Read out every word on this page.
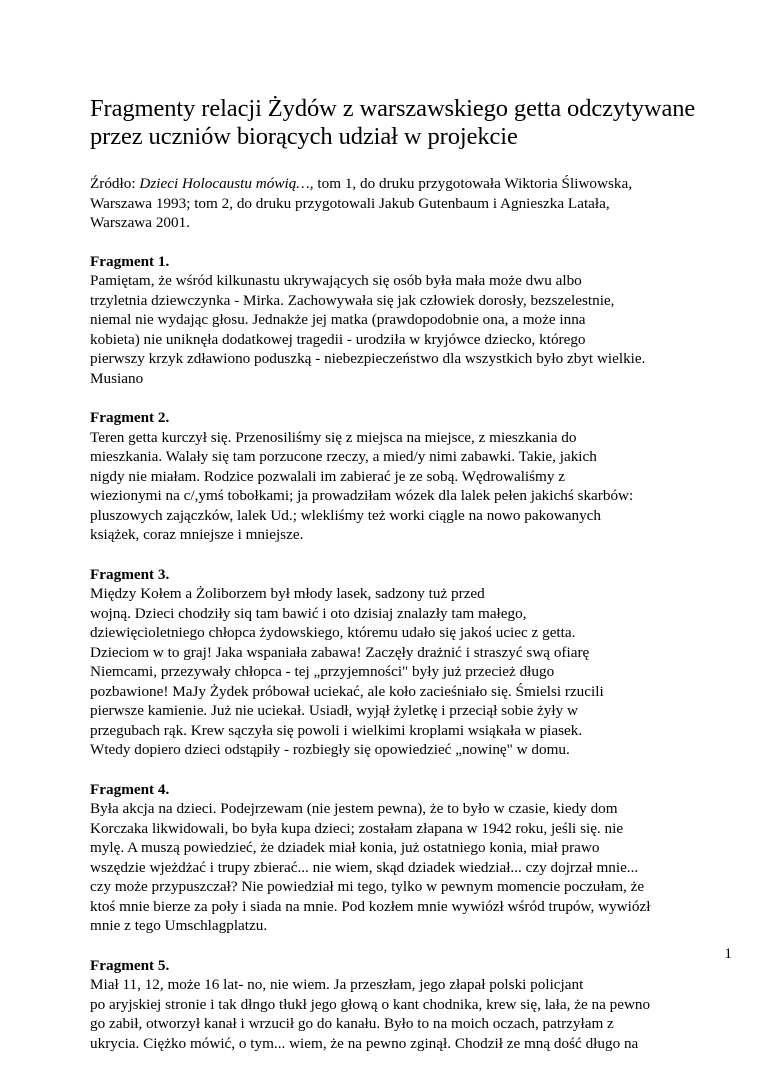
Fragmenty relacji Żydów z warszawskiego getta odczytywane
przez uczniów biorących udział w projekcie

Źródło: Dzieci Holocaustu mówią…, tom 1, do druku przygotowała Wiktoria Śliwowska,
Warszawa 1993; tom 2, do druku przygotowali Jakub Gutenbaum i Agnieszka Latała,
Warszawa 2001.

Fragment 1.
Pamiętam, że wśród kilkunastu ukrywających się osób była mała może dwu albo
trzyletnia dziewczynka - Mirka. Zachowywała się jak człowiek dorosły, bezszelestnie,
niemal nie wydając głosu. Jednakże jej matka (prawdopodobnie ona, a może inna
kobieta) nie uniknęła dodatkowej tragedii - urodziła w kryjówce dziecko, którego
pierwszy krzyk zdławiono poduszką - niebezpieczeństwo dla wszystkich było zbyt wielkie.
Musiano

Fragment 2.
Teren getta kurczył się. Przenosiliśmy się z miejsca na miejsce, z mieszkania do
mieszkania. Walały się tam porzucone rzeczy, a mied/y nimi zabawki. Takie, jakich
nigdy nie miałam. Rodzice pozwalali im zabierać je ze sobą. Wędrowaliśmy z
wiezionymi na c/,ymś tobołkami; ja prowadziłam wózek dla lalek pełen jakichś skarbów:
pluszowych zajączków, lalek Ud.; wlekliśmy też worki ciągle na nowo pakowanych
książek, coraz mniejsze i mniejsze.

Fragment 3.
Między Kołem a Żoliborzem był młody lasek, sadzony tuż przed
wojną. Dzieci chodziły siq tam bawić i oto dzisiaj znalazły tam małego,
dziewięcioletniego chłopca żydowskiego, któremu udało się jakoś uciec z getta.
Dzieciom w to graj! Jaka wspaniała zabawa! Zaczęły drażnić i straszyć swą ofiarę
Niemcami, przezywały chłopca - tej „przyjemności" były już przecież długo
pozbawione! MaJy Żydek próbował uciekać, ale koło zacieśniało się. Śmielsi rzucili
pierwsze kamienie. Już nie uciekał. Usiadł, wyjął żyletkę i przeciął sobie żyły w
przegubach rąk. Krew sączyła się powoli i wielkimi kroplami wsiąkała w piasek.
Wtedy dopiero dzieci odstąpiły - rozbiegły się opowiedzieć „nowinę" w domu.

Fragment 4.
Była akcja na dzieci. Podejrzewam (nie jestem pewna), że to było w czasie, kiedy dom
Korczaka likwidowali, bo była kupa dzieci; zostałam złapana w 1942 roku, jeśli się. nie
mylę. A muszą powiedzieć, że dziadek miał konia, już ostatniego konia, miał prawo
wszędzie wjeżdżać i trupy zbierać... nie wiem, skąd dziadek wiedział... czy dojrzał mnie...
czy może przypuszczał? Nie powiedział mi tego, tylko w pewnym momencie poczułam, że
ktoś mnie bierze za poły i siada na mnie. Pod kozłem mnie wywiózł wśród trupów, wywiózł
mnie z tego Umschlagplatzu.

Fragment 5.
Miał 11, 12, może 16 lat- no, nie wiem. Ja przeszłam, jego złapał polski policjant
po aryjskiej stronie i tak dłngo tłukł jego głową o kant chodnika, krew się, lała, że na pewno
go zabił, otworzył kanał i wrzucił go do kanału. Było to na moich oczach, patrzyłam z
ukrycia. Ciężko mówić, o tym... wiem, że na pewno zginął. Chodził ze mną dość długo na

1
